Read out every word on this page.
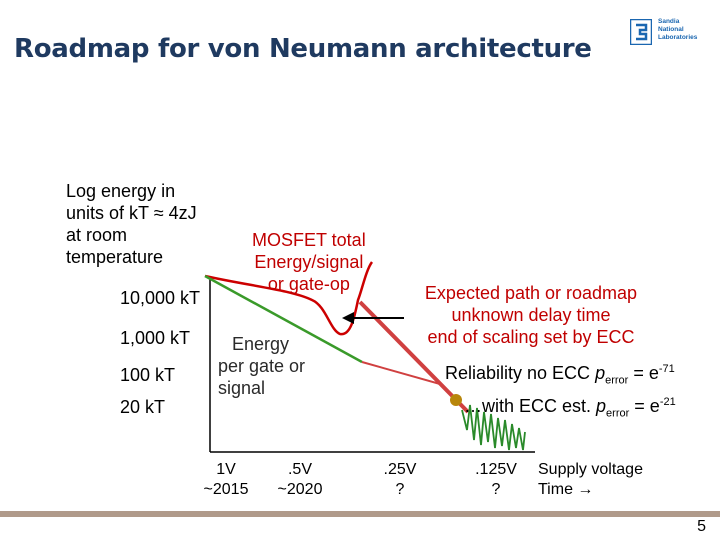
Roadmap for von Neumann architecture
Sandia
National
Laboratories
Log energy in
units of kT ≈ 4zJ
at room
temperature
10,000 kT
1,000 kT
100 kT
20 kT
MOSFET total
Energy/signal
or gate-op
Energy
per gate or
signal
Expected path or roadmap
unknown delay time
end of scaling set by ECC
Reliability no ECC $p_{error} = e^{-71}$
…with ECC est. $p_{error} = e^{-21}$
1V
~2015
.5V
~2020
.25V
?
.125V
?
Supply voltage
Time →
5
